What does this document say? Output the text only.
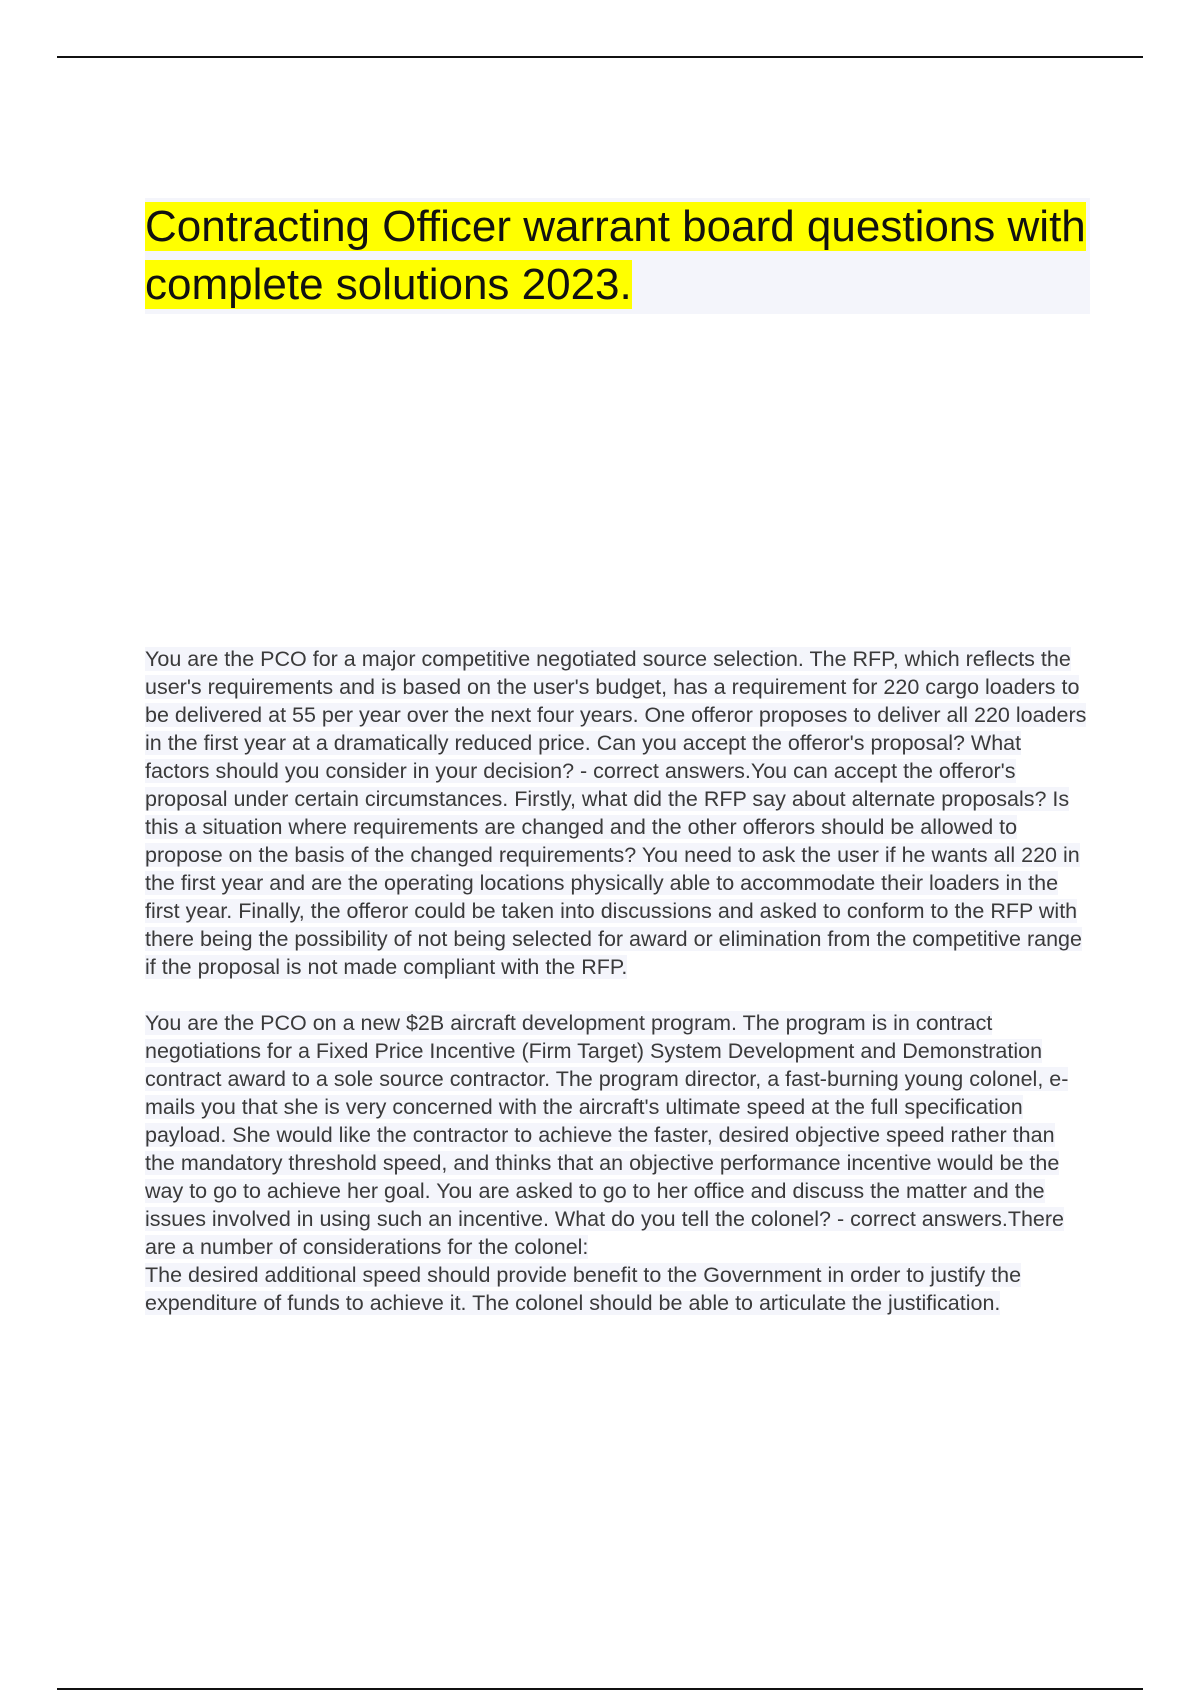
Contracting Officer warrant board questions with complete solutions 2023.

You are the PCO for a major competitive negotiated source selection. The RFP, which reflects the user's requirements and is based on the user's budget, has a requirement for 220 cargo loaders to be delivered at 55 per year over the next four years. One offeror proposes to deliver all 220 loaders in the first year at a dramatically reduced price. Can you accept the offeror's proposal? What factors should you consider in your decision? - correct answers.You can accept the offeror's proposal under certain circumstances. Firstly, what did the RFP say about alternate proposals? Is this a situation where requirements are changed and the other offerors should be allowed to propose on the basis of the changed requirements? You need to ask the user if he wants all 220 in the first year and are the operating locations physically able to accommodate their loaders in the first year. Finally, the offeror could be taken into discussions and asked to conform to the RFP with there being the possibility of not being selected for award or elimination from the competitive range if the proposal is not made compliant with the RFP.

You are the PCO on a new $2B aircraft development program. The program is in contract negotiations for a Fixed Price Incentive (Firm Target) System Development and Demonstration contract award to a sole source contractor. The program director, a fast-burning young colonel, e-mails you that she is very concerned with the aircraft's ultimate speed at the full specification payload. She would like the contractor to achieve the faster, desired objective speed rather than the mandatory threshold speed, and thinks that an objective performance incentive would be the way to go to achieve her goal. You are asked to go to her office and discuss the matter and the issues involved in using such an incentive. What do you tell the colonel? - correct answers.There are a number of considerations for the colonel:
The desired additional speed should provide benefit to the Government in order to justify the expenditure of funds to achieve it. The colonel should be able to articulate the justification.
